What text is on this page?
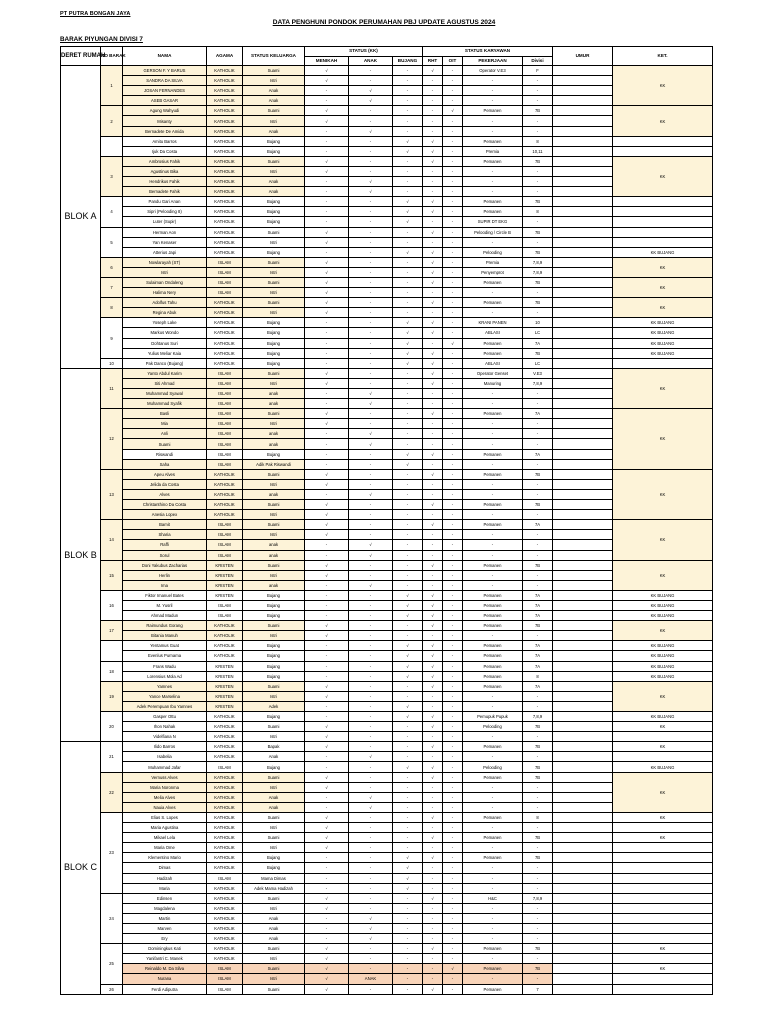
PT PUTRA BONGAN JAYA
DATA PENGHUNI PONDOK PERUMAHAN PBJ UPDATE AGUSTUS 2024
BARAK PIYUNGAN DIVISI 7
DERET RUMAH	NO BARAK	NAMA	AGAMA	STATUS KELUARGA	STATUS (KK)			STATUS KARYAWAN				UMUR	KET.
					MENIKAH	ANAK	BUJANG	RHT	OIT	PEKERJAAN	Divisi		
BLOK A	1	GERSON F. Y BARUS	KATHOLIK	Suami	√	-	-	√	-	Operator V.E3	F		KK
		SANDRA DA SILVA	KATHOLIK	Istri	√	-	-	-	-	-	-		
		JOSAN FERNANDES	KATHOLIK	Anak	-	√	-	-	-	-	-		
		ASEB GASAR	KATHOLIK	Anak	-	√	-	-	-	-	-		
	2	Agung Wahyudi	KATHOLIK	Suami	√	-	-	-	√	Pemanen	7B		KK
		Misanty	KATHOLIK	Istri	√	-	-	-	-	-	-		
		Bernadete De Amida	KATHOLIK	Anak	-	√	-	-	-	-	-		
		Amitu Barros	KATHOLIK	Bujang	-	-	√	√	-	Pemanen	8		
		Ijuk Da Costa	KATHOLIK	Bujang	-	-	√	√	-	Premia	10,11		
	3	Ambrosius Fahik	KATHOLIK	Suami	√	-	-	√	-	Pemanen	7B		KK
		Agustinus Bika	KATHOLIK	Istri	√	-	-	-	-	-	-		
		Hendrikus Fahik	KATHOLIK	Anak	-	√	-	-	-	-	-		
		Bernadete Fahik	KATHOLIK	Anak	-	√	-	-	-	-	-		
	4	Pandu Gari Anan	KATHOLIK	Bujang	-	-	√	√	-	Pemanen	7B		
		Sipri (Pelooding 8)	KATHOLIK	Bujang	-	-	√	√	-	Pemanen	8		
		Luter (Supir)	KATHOLIK	Bujang	-	-	√	-	-	SUPIR DT EKG	-		
	5	Herman Aon	KATHOLIK	Suami	√	-	-	√	-	Pelooding / Circle B	7B		
		Yan Kenaser	KATHOLIK	Istri	√	-	-	-	-	-	-		
		Atterius Japi	KATHOLIK	Bujang	-	-	√	√	-	Pelooding	7B		KK BUJANG
	6	Nowlarayah (ST)	ISLAM	Suami	√	-	-	√	-	Premia	7,8,9		KK
		Istri	ISLAM	Istri	√	-	-	√	-	Penyemprot	7,8,9		
	7	Sulaiman Ondaleng	ISLAM	Suami	√	-	-	√	-	Pemanen	7B		KK
		Halima Nery	ISLAM	Istri	√	-	-	-	-	-	-		
	8	Adolfus Tahu	KATHOLIK	Suami	√	-	-	√	-	Pemanen	7B		KK
		Regina Abuk	KATHOLIK	Istri	√	-	-	-	-	-	-		
	9	Yoseph Lake	KATHOLIK	Bujang	-	-	√	√	-	KRANI PANEN	10		KK BUJANG
		Markus Wondo	KATHOLIK	Bujang	-	-	√	√	-	ABLASI	LC		KK BUJANG
		Dohtanus Suri	KATHOLIK	Bujang	-	-	√	-	√	Pemanen	7A		KK BUJANG
		Yulius Meliar Kaia	KATHOLIK	Bujang	-	-	√	√	-	Pemanen	7B		KK BUJANG
	10	Pak Danco (Bujang)	KATHOLIK	Bujang	-	-	√	√	-	ABLASI	LC		
BLOK B	11	Yanto Abdul Karim	ISLAM	Suami	√	-	-	√	-	Operator Genset	V.E3		KK
		Siti Ahmad	ISLAM	Istri	√	-	-	√	-	Manuring	7,8,9		
		Muhammad Syawal	ISLAM	anak	-	√	-	-	-	-	-		
		Muhammad Syafik	ISLAM	anak	-	√	-	-	-	-	-		
	12	Basli	ISLAM	Suami	√	-	-	√	-	Pemanen	7A		KK
		Mia	ISLAM	Istri	√	-	-	-	-	-	-		
		Anli	ISLAM	anak	-	√	-	-	-	-	-		
		Suami	ISLAM	anak	-	√	-	-	-	-	-		
		Riswandi	ISLAM	Bujang	-	-	√	√	-	Pemanen	7A		
		Saha	ISLAM	Adik Pak Riswandi	-	-	√	-	-	-	-		
	13	Apeu Alves	KATHOLIK	Suami	√	-	-	√	-	Pemanen	7B		KK
		Jelida da Costa	KATHOLIK	Istri	√	-	-	-	-	-	-		
		Alves	KATHOLIK	anak	-	√	-	-	-	-	-		
		Christanthino Da Costa	KATHOLIK	Suami	√	-	-	√	-	Pemanen	7B		
		Anesia Lopex	KATHOLIK	Istri	√	-	-	-	-	-	-		
	14	Bamit	ISLAM	Suami	√	-	-	√	-	Pemanen	7A		KK
		Sharia	ISLAM	Istri	√	-	-	-	-	-	-		
		Raffi	ISLAM	anak	-	√	-	-	-	-	-		
		Sorul	ISLAM	anak	-	√	-	-	-	-	-		
	15	Doni Yakubus Zacharias	KRISTEN	Suami	√	-	-	√	-	Pemanen	7B		KK
		Herlin	KRISTEN	Istri	√	-	-	-	-	-	-		
		Ima	KRISTEN	anak	-	√	-	-	-	-	-		
	16	Fiktor Imanuel Bates	KRISTEN	Bujang	-	-	√	√	-	Pemanen	7A		KK BUJANG
		M. Yusril	ISLAM	Bujang	-	-	√	√	-	Pemanen	7A		KK BUJANG
		Ahmad Madun	ISLAM	Bujang	-	-	√	√	-	Pemanen	7A		KK BUJANG
	17	Raimundus Gorang	KATHOLIK	Suami	√	-	-	√	-	Pemanen	7B		KK
		Bitania Manuh	KATHOLIK	Istri	√	-	-	-	-	-	-		
		Yentamus Guat	KATHOLIK	Bujang	-	-	√	√	-	Pemanen	7A		KK BUJANG
		Evenlus Purnama	KATHOLIK	Bujang	-	-	√	√	-	Pemanen	7A		KK BUJANG
	18	Frans Wadu	KRISTEN	Bujang	-	-	√	√	-	Pemanen	7A		KK BUJANG
		Lorensius Mola Ad	KRISTEN	Bujang	-	-	√	√	-	Pemanen	8		KK BUJANG
	19	Yamnes	KRISTEN	Suami	√	-	-	√	-	Pemanen	7A		KK
		Yance Marselina	KRISTEN	Istri	√	-	-	-	-	-	-		
		Adek Perempuan Ibu Yamnes	KRISTEN	Adek	-	-	√	-	-	-	-		
	20	Gasper Ottu	KATHOLIK	Bujang	-	-	√	√	-	Pemupuk Pupuk	7,8,9		KK BUJANG
		Ihon Nahak	KATHOLIK	Suami	√	-	-	√	-	Pelooding	7B		KK
		Videlfiana N	KATHOLIK	Istri	√	-	-	-	-	-	-		
BLOK C	21	Ilido Barros	KATHOLIK	Bapak	√	-	-	√	-	Pemanen	7B		KK
		Isabelia	KATHOLIK	Anak	-	√	-	-	-	-	-		
		Muhammad Jafar	ISLAM	Bujang	-	-	√	√	-	Pelooding	7B		KK BUJANG
	22	Vernuss Alves	KATHOLIK	Suami	√	-	-	√	-	Pemanen	7B		KK
		Maria Noronma	KATHOLIK	Istri	√	-	-	-	-	-	-		
		Melia Alves	KATHOLIK	Anak	-	√	-	-	-	-	-		
		Nauia Alves	KATHOLIK	Anak	-	√	-	-	-	-	-		
	23	Elias S. Lopes	KATHOLIK	Suami	√	-	-	√	-	Pemanen	8		KK
		Maria Agustina	KATHOLIK	Istri	√	-	-	-	-	-	-		
		Mikael Lela	KATHOLIK	Suami	√	-	-	√	-	Pemanen	7B		KK
		Maria Ome	KATHOLIK	Istri	√	-	-	-	-	-	-		
		Klementino Mario	KATHOLIK	Bujang	-	-	√	√	-	Pemanen	7B		
		Dimas	KATHOLIK	Bujang	-	-	√	-	-	-	-		
		Hadizah	ISLAM	Mama Dimas	-	-	√	-	-	-	-		
		Maria	KATHOLIK	Adek Mama Hadizah	-	-	√	-	-	-	-		
	24	Edinsen	KATHOLIK	Suami	√	-	-	√	-	H&C	7,8,9		
		Magdalena	KATHOLIK	Istri	√	-	-	-	-	-	-		
		Martin	KATHOLIK	Anak	-	√	-	-	-	-	-		
		Marven	KATHOLIK	Anak	-	√	-	-	-	-	-		
		Ery	KATHOLIK	Anak	-	√	-	-	-	-	-		
	25	Dominingkus Kati	KATHOLIK	Suami	√	-	-	√	-	Pemanen	7B		KK
		Yanifantri C. Manek	KATHOLIK	Istri	√	-	-	-	-	-	-		
		Reinaldo M. Da Silva	ISLAM	Suami	√	-	-	-	√	Pemanen	7B		KK
		Nurana	ISLAM	Istri	√	ANAK	-	-	-	-	-		
	26	Ferdi Adiputra	ISLAM	Suami	√	-	-	√	-	Pemanen	7		
